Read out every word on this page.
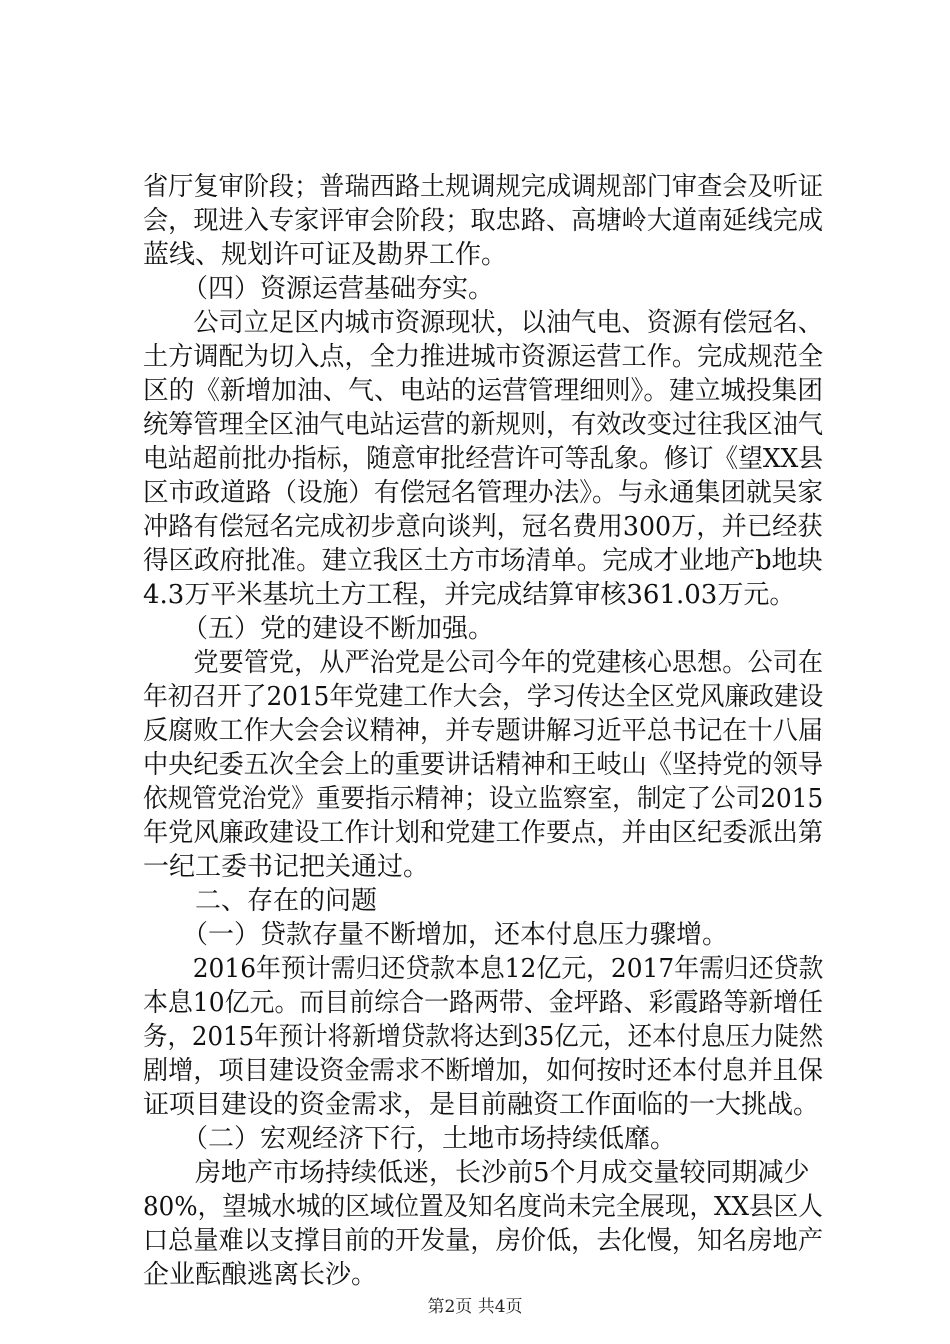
省厅复审阶段；普瑞西路土规调规完成调规部门审查会及听证
会，现进入专家评审会阶段；取忠路、高塘岭大道南延线完成
蓝线、规划许可证及勘界工作。
　　（四）资源运营基础夯实。
　　公司立足区内城市资源现状，以油气电、资源有偿冠名、
土方调配为切入点，全力推进城市资源运营工作。完成规范全
区的《新增加油、气、电站的运营管理细则》。建立城投集团
统筹管理全区油气电站运营的新规则，有效改变过往我区油气
电站超前批办指标，随意审批经营许可等乱象。修订《望XX县
区市政道路（设施）有偿冠名管理办法》。与永通集团就吴家
冲路有偿冠名完成初步意向谈判，冠名费用300万，并已经获
得区政府批准。建立我区土方市场清单。完成才业地产b地块
4.3万平米基坑土方工程，并完成结算审核361.03万元。
　　（五）党的建设不断加强。
　　党要管党，从严治党是公司今年的党建核心思想。公司在
年初召开了2015年党建工作大会，学习传达全区党风廉政建设
反腐败工作大会会议精神，并专题讲解习近平总书记在十八届
中央纪委五次全会上的重要讲话精神和王岐山《坚持党的领导
依规管党治党》重要指示精神；设立监察室，制定了公司2015
年党风廉政建设工作计划和党建工作要点，并由区纪委派出第
一纪工委书记把关通过。
　　二、存在的问题
　　（一）贷款存量不断增加，还本付息压力骤增。
　　2016年预计需归还贷款本息12亿元，2017年需归还贷款
本息10亿元。而目前综合一路两带、金坪路、彩霞路等新增任
务，2015年预计将新增贷款将达到35亿元，还本付息压力陡然
剧增，项目建设资金需求不断增加，如何按时还本付息并且保
证项目建设的资金需求，是目前融资工作面临的一大挑战。
　　（二）宏观经济下行，土地市场持续低靡。
　　房地产市场持续低迷，长沙前5个月成交量较同期减少
80%，望城水城的区域位置及知名度尚未完全展现，XX县区人
口总量难以支撑目前的开发量，房价低，去化慢，知名房地产
企业酝酿逃离长沙。
第2页 共4页
